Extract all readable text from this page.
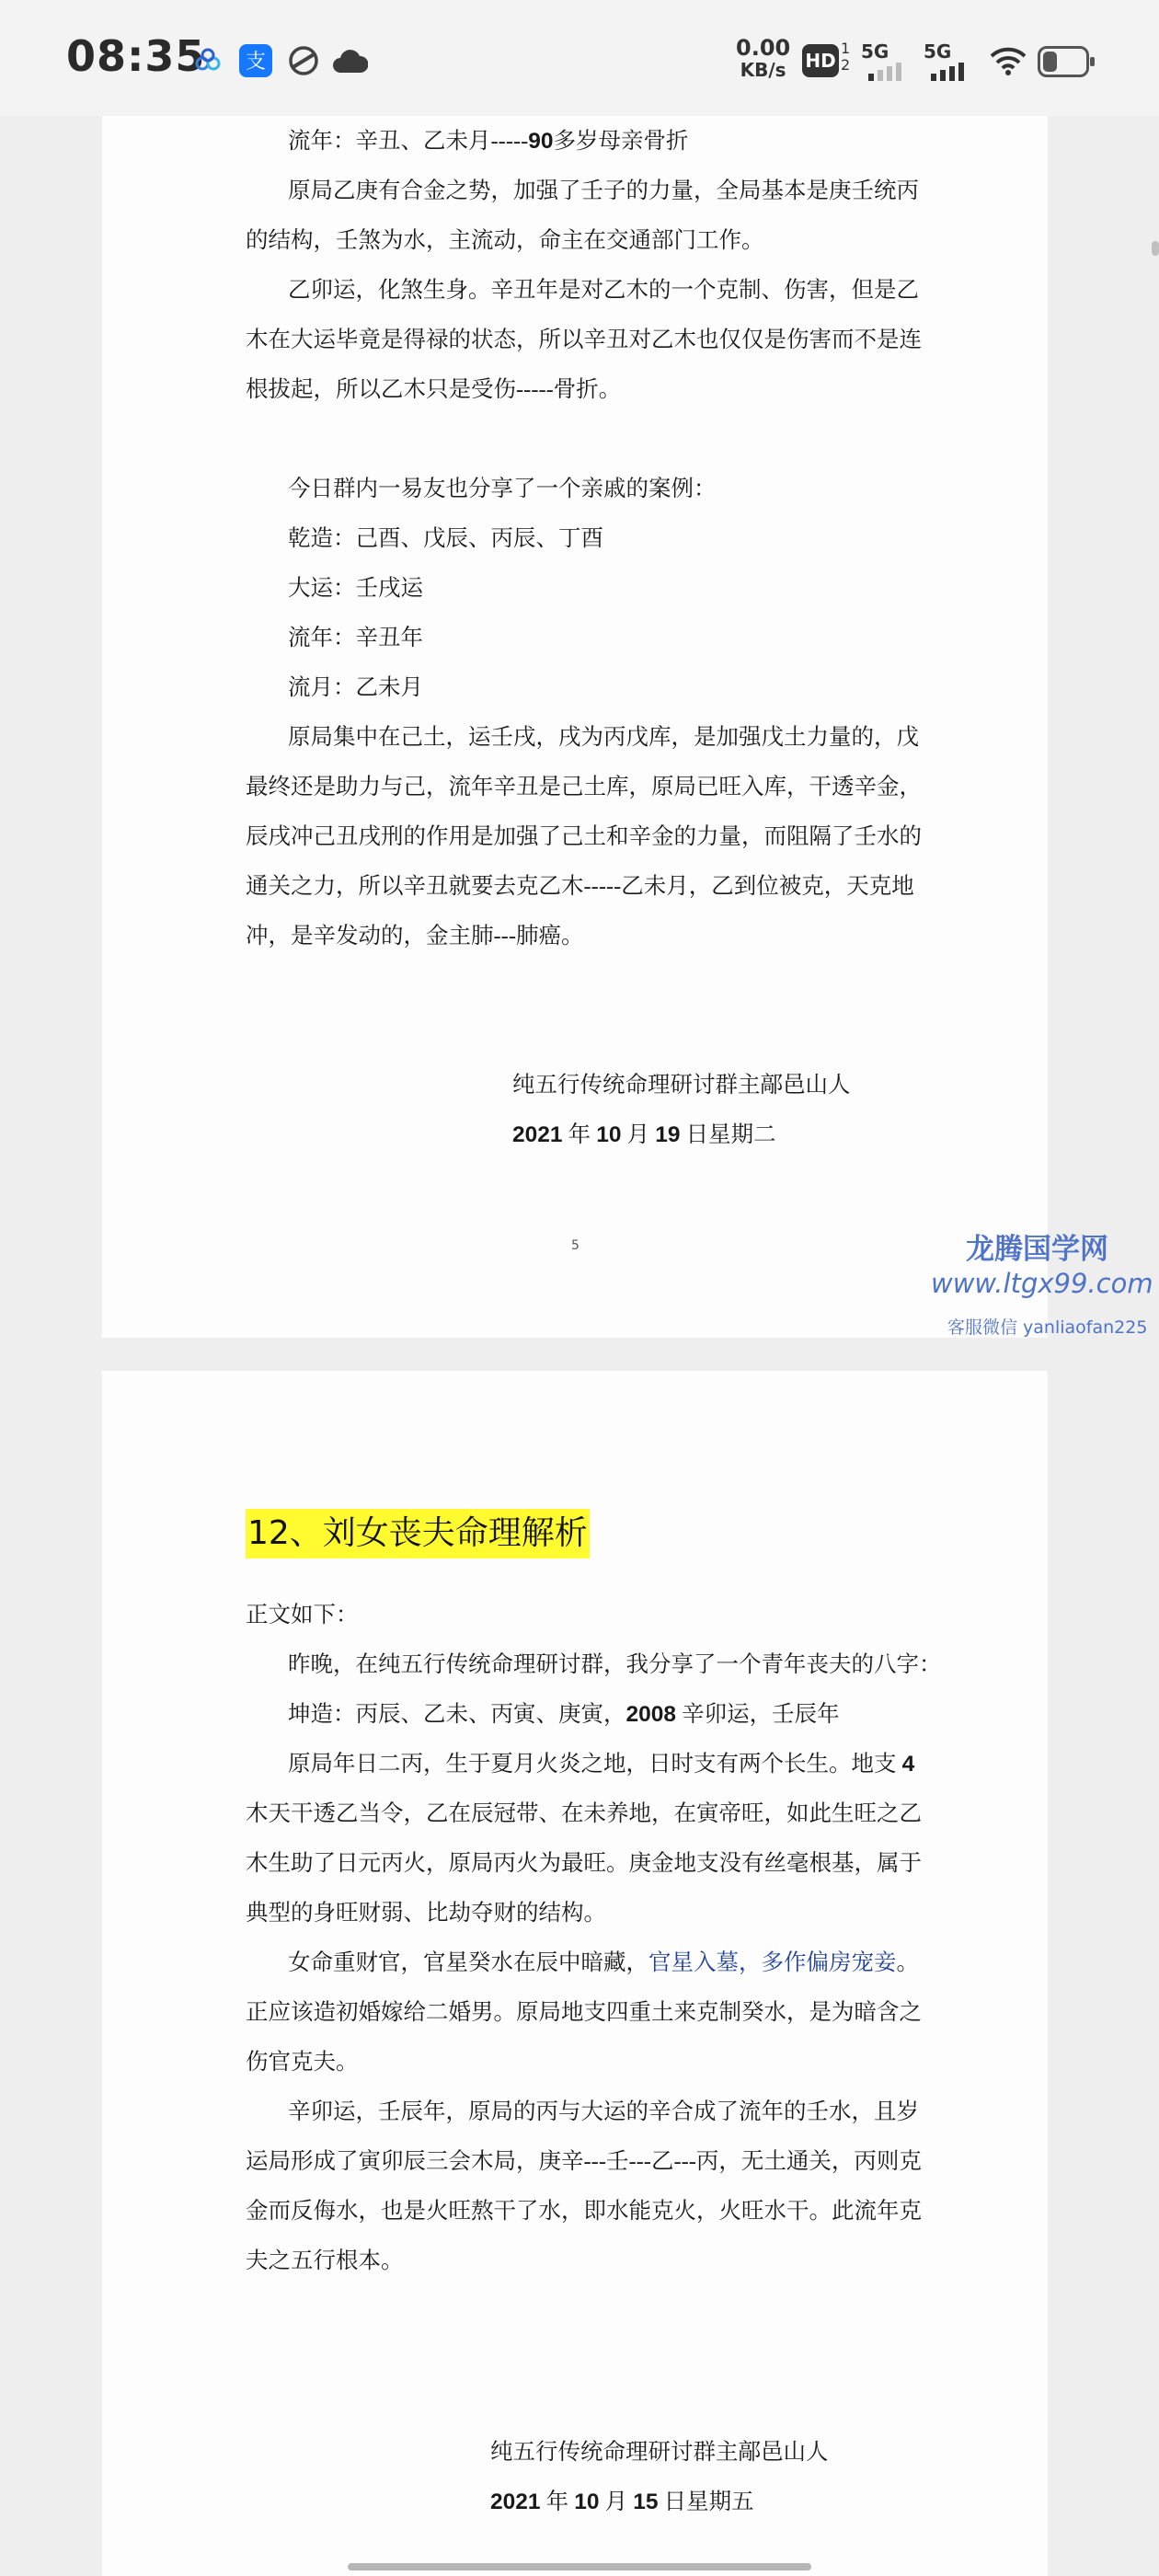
08:35 支
0.00
KB/s HD
1 2
5G 5G
流年：辛丑、乙未月-----90多岁母亲骨折
原局乙庚有合金之势，加强了壬子的力量，全局基本是庚壬统丙
的结构，壬煞为水，主流动，命主在交通部门工作。
乙卯运，化煞生身。辛丑年是对乙木的一个克制、伤害，但是乙
木在大运毕竟是得禄的状态，所以辛丑对乙木也仅仅是伤害而不是连
根拔起，所以乙木只是受伤-----骨折。
今日群内一易友也分享了一个亲戚的案例：
乾造：己酉、戊辰、丙辰、丁酉
大运：壬戌运
流年：辛丑年
流月：乙未月
原局集中在己土，运壬戌，戌为丙戊库，是加强戊土力量的，戊
最终还是助力与己，流年辛丑是己土库，原局已旺入库，干透辛金，
辰戌冲己丑戌刑的作用是加强了己土和辛金的力量，而阻隔了壬水的
通关之力，所以辛丑就要去克乙木-----乙未月，乙到位被克，天克地
冲，是辛发动的，金主肺---肺癌。
纯五行传统命理研讨群主鄗邑山人
2021 年 10 月 19 日星期二
5	龙腾国学网
www.ltgx99.com
客服微信 yanliaofan225
12、刘女丧夫命理解析
正文如下：
昨晚，在纯五行传统命理研讨群，我分享了一个青年丧夫的八字：
坤造：丙辰、乙未、丙寅、庚寅，2008 辛卯运，壬辰年
原局年日二丙，生于夏月火炎之地，日时支有两个长生。地支 4
木天干透乙当令，乙在辰冠带、在未养地，在寅帝旺，如此生旺之乙
木生助了日元丙火，原局丙火为最旺。庚金地支没有丝毫根基，属于
典型的身旺财弱、比劫夺财的结构。
女命重财官，官星癸水在辰中暗藏，官星入墓，多作偏房宠妾。
正应该造初婚嫁给二婚男。原局地支四重土来克制癸水，是为暗含之
伤官克夫。
辛卯运，壬辰年，原局的丙与大运的辛合成了流年的壬水，且岁
运局形成了寅卯辰三会木局，庚辛---壬---乙---丙，无土通关，丙则克
金而反侮水，也是火旺熬干了水，即水能克火，火旺水干。此流年克
夫之五行根本。
纯五行传统命理研讨群主鄗邑山人
2021 年 10 月 15 日星期五
